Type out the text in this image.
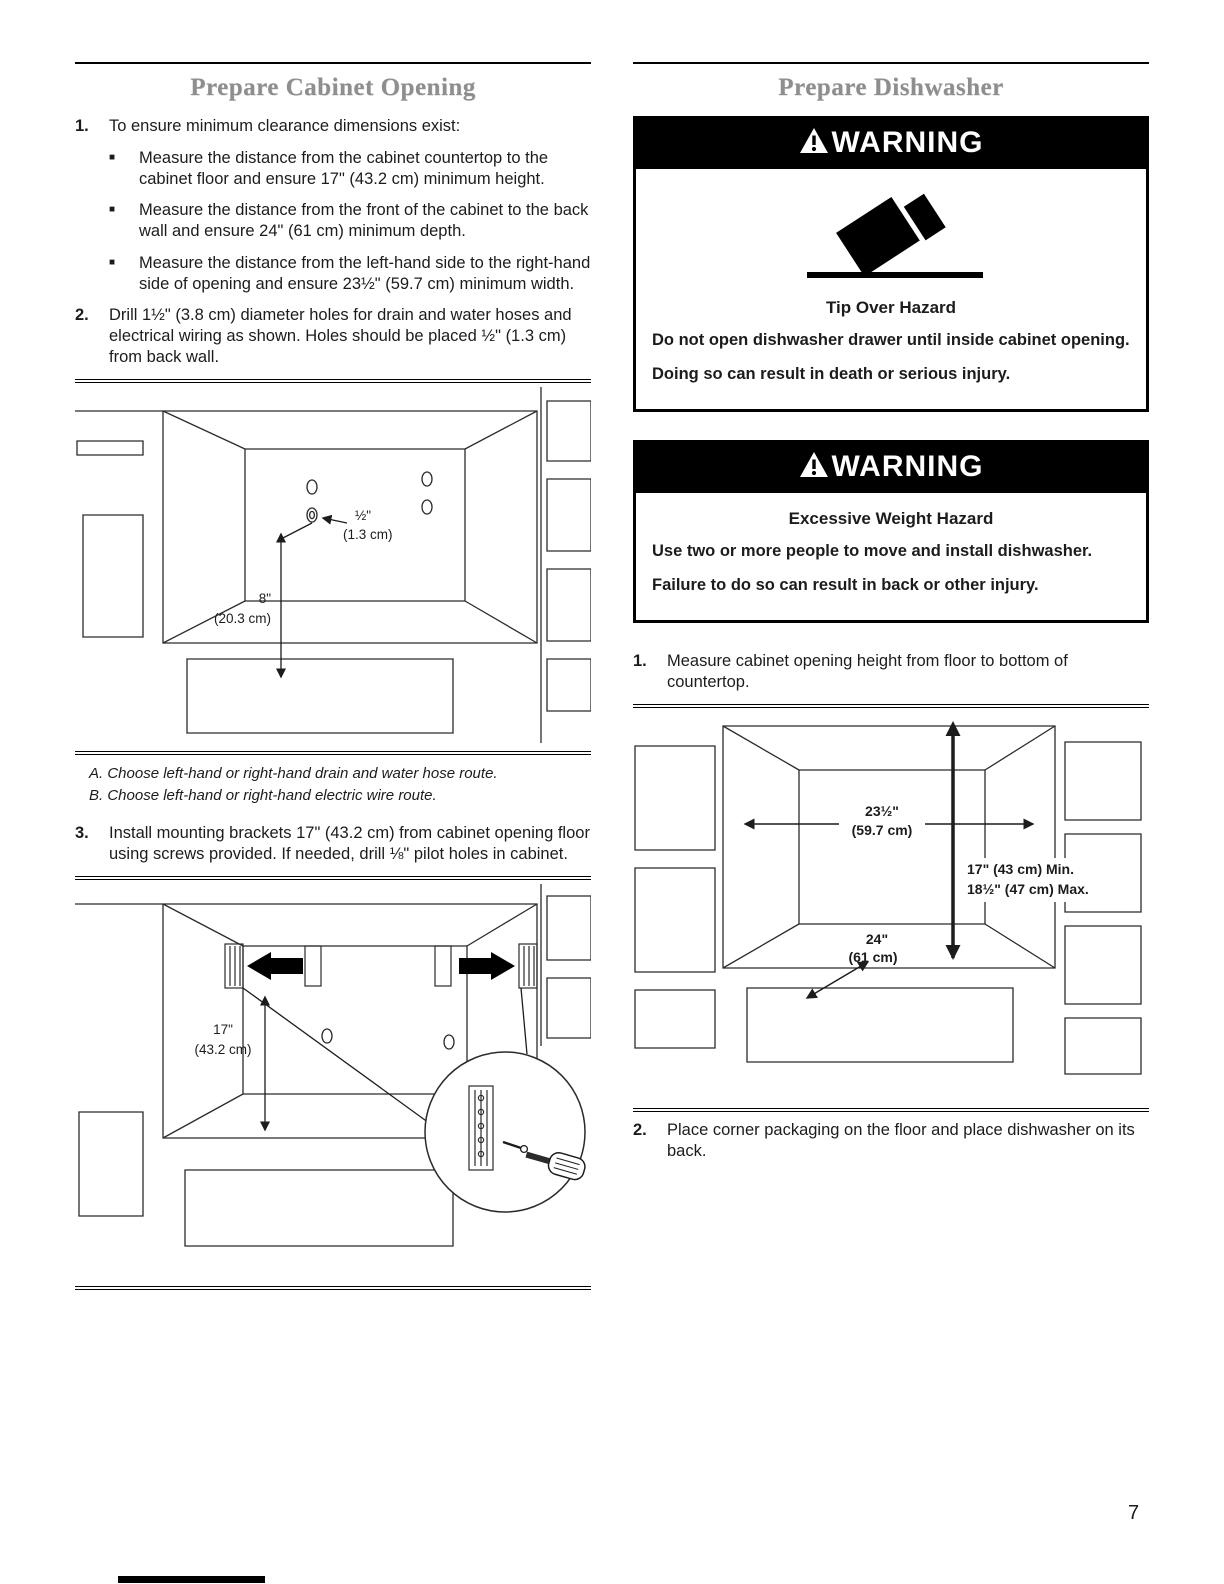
Prepare Cabinet Opening
1.	To ensure minimum clearance dimensions exist:
■	Measure the distance from the cabinet countertop to the cabinet floor and ensure 17" (43.2 cm) minimum height.
■	Measure the distance from the front of the cabinet to the back wall and ensure 24" (61 cm) minimum depth.
■	Measure the distance from the left-hand side to the right-hand side of opening and ensure 23½" (59.7 cm) minimum width.
2.	Drill 1½" (3.8 cm) diameter holes for drain and water hoses and electrical wiring as shown. Holes should be placed ½" (1.3 cm) from back wall.
½"
(1.3 cm)
8"
(20.3 cm)
A. Choose left-hand or right-hand drain and water hose route.
B. Choose left-hand or right-hand electric wire route.
3.	Install mounting brackets 17" (43.2 cm) from cabinet opening floor using screws provided. If needed, drill ⅛" pilot holes in cabinet.
17"
(43.2 cm)
Prepare Dishwasher
WARNING
Tip Over Hazard

Do not open dishwasher drawer until inside cabinet opening.

Doing so can result in death or serious injury.

WARNING
Excessive Weight Hazard

Use two or more people to move and install dishwasher.

Failure to do so can result in back or other injury.

1.	Measure cabinet opening height from floor to bottom of countertop.
23½"
(59.7 cm)
17" (43 cm) Min.
18½" (47 cm) Max.
24"
(61 cm)
2.	Place corner packaging on the floor and place dishwasher on its back.
7
